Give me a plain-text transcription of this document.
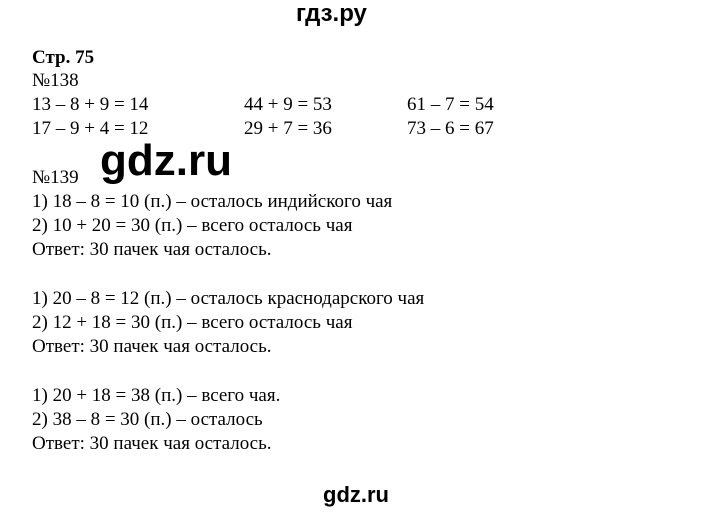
гдз.ру
Стр. 75
№138
13 – 8 + 9 = 14	44 + 9 = 53	61 – 7 = 54
17 – 9 + 4 = 12	29 + 7 = 36	73 – 6 = 67
№139
1) 18 – 8 = 10 (п.) – осталось индийского чая
2) 10 + 20 = 30 (п.) – всего осталось чая
Ответ: 30 пачек чая осталось.
1) 20 – 8 = 12 (п.) – осталось краснодарского чая
2) 12 + 18 = 30 (п.) – всего осталось чая
Ответ: 30 пачек чая осталось.
1) 20 + 18 = 38 (п.) – всего чая.
2) 38 – 8 = 30 (п.) – осталось
Ответ: 30 пачек чая осталось.
gdz.ru
gdz.ru
